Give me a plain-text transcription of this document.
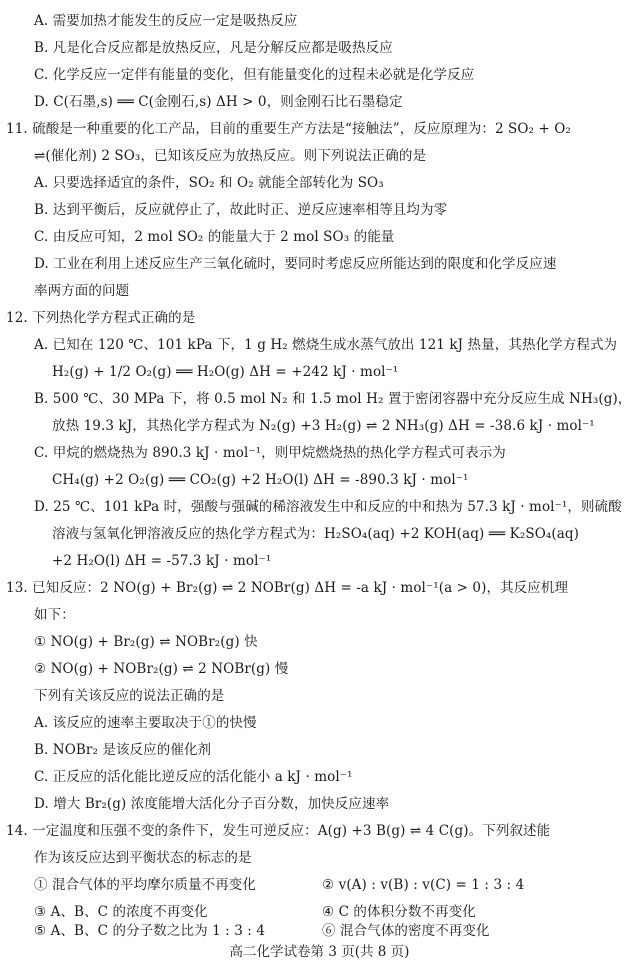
A. 需要加热才能发生的反应一定是吸热反应
B. 凡是化合反应都是放热反应，凡是分解反应都是吸热反应
C. 化学反应一定伴有能量的变化，但有能量变化的过程未必就是化学反应
D. C(石墨,s) ══ C(金刚石,s) ΔH > 0，则金刚石比石墨稳定
11. 硫酸是一种重要的化工产品，目前的重要生产方法是“接触法”，反应原理为：2 SO₂ + O₂
⇌(催化剂) 2 SO₃，已知该反应为放热反应。则下列说法正确的是
A. 只要选择适宜的条件，SO₂ 和 O₂ 就能全部转化为 SO₃
B. 达到平衡后，反应就停止了，故此时正、逆反应速率相等且均为零
C. 由反应可知，2 mol SO₂ 的能量大于 2 mol SO₃ 的能量
D. 工业在利用上述反应生产三氧化硫时，要同时考虑反应所能达到的限度和化学反应速
率两方面的问题
12. 下列热化学方程式正确的是
A. 已知在 120 ℃、101 kPa 下，1 g H₂ 燃烧生成水蒸气放出 121 kJ 热量，其热化学方程式为
H₂(g) + 1/2 O₂(g) ══ H₂O(g) ΔH = +242 kJ · mol⁻¹
B. 500 ℃、30 MPa 下，将 0.5 mol N₂ 和 1.5 mol H₂ 置于密闭容器中充分反应生成 NH₃(g)，
放热 19.3 kJ，其热化学方程式为 N₂(g) +3 H₂(g) ⇌ 2 NH₃(g) ΔH = -38.6 kJ · mol⁻¹
C. 甲烷的燃烧热为 890.3 kJ · mol⁻¹，则甲烷燃烧热的热化学方程式可表示为
CH₄(g) +2 O₂(g) ══ CO₂(g) +2 H₂O(l) ΔH = -890.3 kJ · mol⁻¹
D. 25 ℃、101 kPa 时，强酸与强碱的稀溶液发生中和反应的中和热为 57.3 kJ · mol⁻¹，则硫酸
溶液与氢氧化钾溶液反应的热化学方程式为：H₂SO₄(aq) +2 KOH(aq) ══ K₂SO₄(aq)
+2 H₂O(l) ΔH = -57.3 kJ · mol⁻¹
13. 已知反应：2 NO(g) + Br₂(g) ⇌ 2 NOBr(g) ΔH = -a kJ · mol⁻¹(a > 0)，其反应机理
如下：
① NO(g) + Br₂(g) ⇌ NOBr₂(g) 快
② NO(g) + NOBr₂(g) ⇌ 2 NOBr(g) 慢
下列有关该反应的说法正确的是
A. 该反应的速率主要取决于①的快慢
B. NOBr₂ 是该反应的催化剂
C. 正反应的活化能比逆反应的活化能小 a kJ · mol⁻¹
D. 增大 Br₂(g) 浓度能增大活化分子百分数，加快反应速率
14. 一定温度和压强不变的条件下，发生可逆反应：A(g) +3 B(g) ⇌ 4 C(g)。下列叙述能
作为该反应达到平衡状态的标志的是
① 混合气体的平均摩尔质量不再变化	② v(A) : v(B) : v(C) = 1 : 3 : 4
③ A、B、C 的浓度不再变化	④ C 的体积分数不再变化
高二化学试卷第 3 页(共 8 页)
⑤ A、B、C 的分子数之比为 1 : 3 : 4	⑥ 混合气体的密度不再变化
